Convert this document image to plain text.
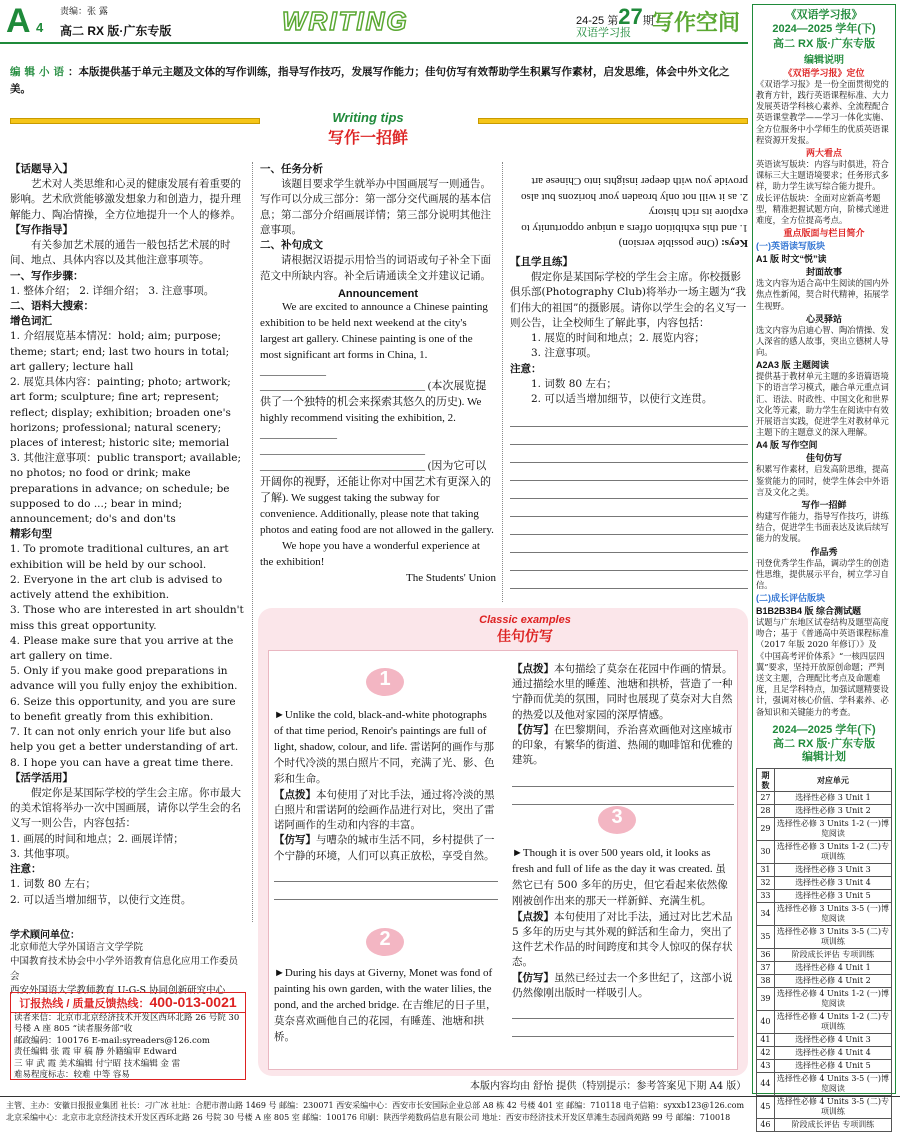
A 4
责编：张 露
高二 RX 版·广东专版	WRITING	24-25 第27期
双语学习报 写作空间
编辑小语：本版提供基于单元主题及文体的写作训练，指导写作技巧，发展写作能力；佳句仿写有效帮助学生积累写作素材，启发思维，体会中外文化之美。
Writing tips
写作一招鲜

【话题导入】

艺术对人类思维和心灵的健康发展有着重要的影响。艺术欣赏能够激发想象力和创造力，提升理解能力、陶冶情操，全方位地提升一个人的修养。

【写作指导】

有关参加艺术展的通告一般包括艺术展的时间、地点、具体内容以及其他注意事项等。

一、写作步骤：

1. 整体介绍； 2. 详细介绍； 3. 注意事项。

二、语料大搜索：

增色词汇

1. 介绍展览基本情况：hold; aim; purpose; theme; start; end; last two hours in total; art gallery; lecture hall

2. 展览具体内容：painting; photo; artwork; art form; sculpture; fine art; represent; reflect; display; exhibition; broaden one's horizons; professional; natural scenery; places of interest; historic site; memorial

3. 其他注意事项：public transport; available; no photos; no food or drink; make preparations in advance; on schedule; be supposed to do ...; bear in mind; announcement; do's and don'ts

精彩句型

1. To promote traditional cultures, an art exhibition will be held by our school.

2. Everyone in the art club is advised to actively attend the exhibition.

3. Those who are interested in art shouldn't miss this great opportunity.

4. Please make sure that you arrive at the art gallery on time.

5. Only if you make good preparations in advance will you fully enjoy the exhibition.

6. Seize this opportunity, and you are sure to benefit greatly from this exhibition.

7. It can not only enrich your life but also help you get a better understanding of art.

8. I hope you can have a great time there.

【活学活用】

假定你是某国际学校的学生会主席。你市最大的美术馆将举办一次中国画展，请你以学生会的名义写一则公告，内容包括：

1. 画展的时间和地点；2. 画展详情；

3. 其他事项。

注意：

1. 词数 80 左右；

2. 可以适当增加细节，以使行文连贯。

一、任务分析

该题目要求学生就举办中国画展写一则通告。写作可以分成三部分：第一部分交代画展的基本信息；第二部分介绍画展详情；第三部分说明其他注意事项。

二、补句成文

请根据汉语提示用恰当的词语或句子补全下面范文中所缺内容。补全后请通读全文并建议记诵。

Announcement

We are excited to announce a Chinese painting exhibition to be held next weekend at the city's largest art gallery. Chinese painting is one of the most significant art forms in China, 1. ____________
______________________________ (本次展览提供了一个独特的机会来探索其悠久的历史). We highly recommend visiting the exhibition, 2. ______________
______________________________
______________________________ (因为它可以开阔你的视野，还能让你对中国艺术有更深入的了解). We suggest taking the subway for convenience. Additionally, please note that taking photos and eating food are not allowed in the gallery.

We hope you have a wonderful experience at the exhibition!

The Students' Union

Keys: (One possible version)

1. and this exhibition offers a unique opportunity to explore its rich history

2. as it will not only broaden your horizons but also provide you with deeper insights into Chinese art

【且学且练】

假定你是某国际学校的学生会主席。你校摄影俱乐部(Photography Club)将举办一场主题为“我们伟大的祖国”的摄影展。请你以学生会的名义写一则公告，让全校师生了解此事，内容包括：

1. 展览的时间和地点；2. 展览内容；

3. 注意事项。

注意：

1. 词数 80 左右；

2. 可以适当增加细节，以使行文连贯。

Classic examples
佳句仿写
1

►Unlike the cold, black-and-white photographs of that time period, Renoir's paintings are full of light, shadow, colour, and life. 雷诺阿的画作与那个时代冷淡的黑白照片不同，充满了光、影、色彩和生命。

【点拨】本句使用了对比手法，通过将冷淡的黑白照片和雷诺阿的绘画作品进行对比，突出了雷诺阿画作的生动和内容的丰富。

【仿写】与嘈杂的城市生活不同，乡村提供了一个宁静的环境，人们可以真正放松，享受自然。

2

►During his days at Giverny, Monet was fond of painting his own garden, with the water lilies, the pond, and the arched bridge. 在吉维尼的日子里，莫奈喜欢画他自己的花园，有睡莲、池塘和拱桥。

【点拨】本句描绘了莫奈在花园中作画的情景。通过描绘水里的睡莲、池塘和拱桥，营造了一种宁静而优美的氛围，同时也展现了莫奈对大自然的热爱以及他对家园的深厚情感。

【仿写】在巴黎期间，乔治喜欢画他对这座城市的印象，有繁华的街道、热闹的咖啡馆和优雅的建筑。

3

►Though it is over 500 years old, it looks as fresh and full of life as the day it was created. 虽然它已有 500 多年的历史，但它看起来依然像刚被创作出来的那天一样新鲜、充满生机。

【点拨】本句使用了对比手法，通过对比艺术品 5 多年的历史与其外观的鲜活和生命力，突出了这件艺术作品的时间跨度和其令人惊叹的保存状态。

【仿写】虽然已经过去一个多世纪了，这部小说仍然像刚出版时一样吸引人。

本版内容均由 舒怡 提供（特别提示：参考答案见下期 A4 版）
学术顾问单位：

北京师范大学外国语言文学学院

中国教育技术协会中小学外语教育信息化应用工作委员会

西安外国语大学教师教育 U-G-S 协同创新研究中心

订报热线 / 质量反馈热线：400-013-0021

读者来信：北京市北京经济技术开发区西环北路 26 号院 30 号楼 A 座 805 “读者服务部”收

邮政编码：100176 E-mail:syreaders@126.com

责任编辑 张 霞 审 稿 静 外籍编审 Edward

三 审 武 霞 美术编辑 付宁昭 技术编辑 金 雷

难易程度标志：较难 中等 容易

《双语学习报》
2024—2025 学年(下)
高二 RX 版·广东专版
编辑说明
《双语学习报》定位

《双语学习报》是一份全面贯彻党的教育方针，践行英语课程标准、大力发展英语学科核心素养、全流程配合英语课堂教学——学习一体化实施、全方位服务中小学师生的优质英语课程资源开发报。

两大看点

英语读写版块：内容与时俱进，符合课标三大主题语境要求；任务形式多样，助力学生读写综合能力提升。

成长评估版块：全面对应新高考题型，精准把握试题方向，阶梯式递进难度，全方位提高考点。

重点版面与栏目简介
(一)英语读写版块
A1 版 时文“悦”读
封面故事

选文内容为适合高中生阅读的国内外焦点性新闻，契合时代精神，拓展学生视野。

心灵驿站

选文内容为启迪心智、陶冶情操、发人深省的感人故事，突出立德树人导向。

A2A3 版 主题阅读

提供基于教材单元主题的多语篇语境下的语言学习模式，融合单元重点词汇、语法、时政性、中国文化和世界文化等元素，助力学生在阅读中有效开展语言实践，促进学生对教材单元主题下的主题意义的深入理解。

A4 版 写作空间
佳句仿写

积累写作素材，启发高阶思维，提高鉴赏能力的同时，使学生体会中外语言及文化之美。

写作一招鲜

构建写作能力，指导写作技巧，讲练结合，促进学生书面表达及读后续写能力的发展。

作品秀

刊登优秀学生作品，调动学生的创造性思维，提供展示平台，树立学习自信。

(二)成长评估版块
B1B2B3B4 版 综合测试题

试题与广东地区试卷结构及题型高度吻合；基于《普通高中英语课程标准（2017 年版 2020 年修订）》及《中国高考评价体系》“一核四层四翼”要求，坚持开放原创命题；严判送文主题，合理配比考点及命题难度，且足学科特点，加强试题精要设计，强调对核心价值、学科素养、必备知识和关键能力的考查。

2024—2025 学年(下)
高二 RX 版·广东专版
编辑计划
期数	对应单元
27	选择性必修 3 Unit 1
28	选择性必修 3 Unit 2
29	选择性必修 3 Units 1-2 (一)博览阅读
30	选择性必修 3 Units 1-2 (二)专项训练
31	选择性必修 3 Unit 3
32	选择性必修 3 Unit 4
33	选择性必修 3 Unit 5
34	选择性必修 3 Units 3-5 (一)博览阅读
35	选择性必修 3 Units 3-5 (二)专项训练
36	阶段成长评估 专项训练
37	选择性必修 4 Unit 1
38	选择性必修 4 Unit 2
39	选择性必修 4 Units 1-2 (一)博览阅读
40	选择性必修 4 Units 1-2 (二)专项训练
41	选择性必修 4 Unit 3
42	选择性必修 4 Unit 4
43	选择性必修 4 Unit 5
44	选择性必修 4 Units 3-5 (一)博览阅读
45	选择性必修 4 Units 3-5 (二)专项训练
46	阶段成长评估 专项训练
主管、主办：安徽日报报业集团 社长：刁广冰 社址：合肥市潜山路 1469 号 邮编：230071 西安采编中心：西安市长安国际企业总部 A8 栋 42 号楼 401 室 邮编：710118 电子信箱：syxxb123@126.com
北京采编中心：北京市北京经济技术开发区西环北路 26 号院 30 号楼 A 座 805 室 邮编：100176 印刷：陕西学苑数码信息有限公司 地址：西安市经济技术开发区草滩生态园尚苑路 99 号 邮编：710018
